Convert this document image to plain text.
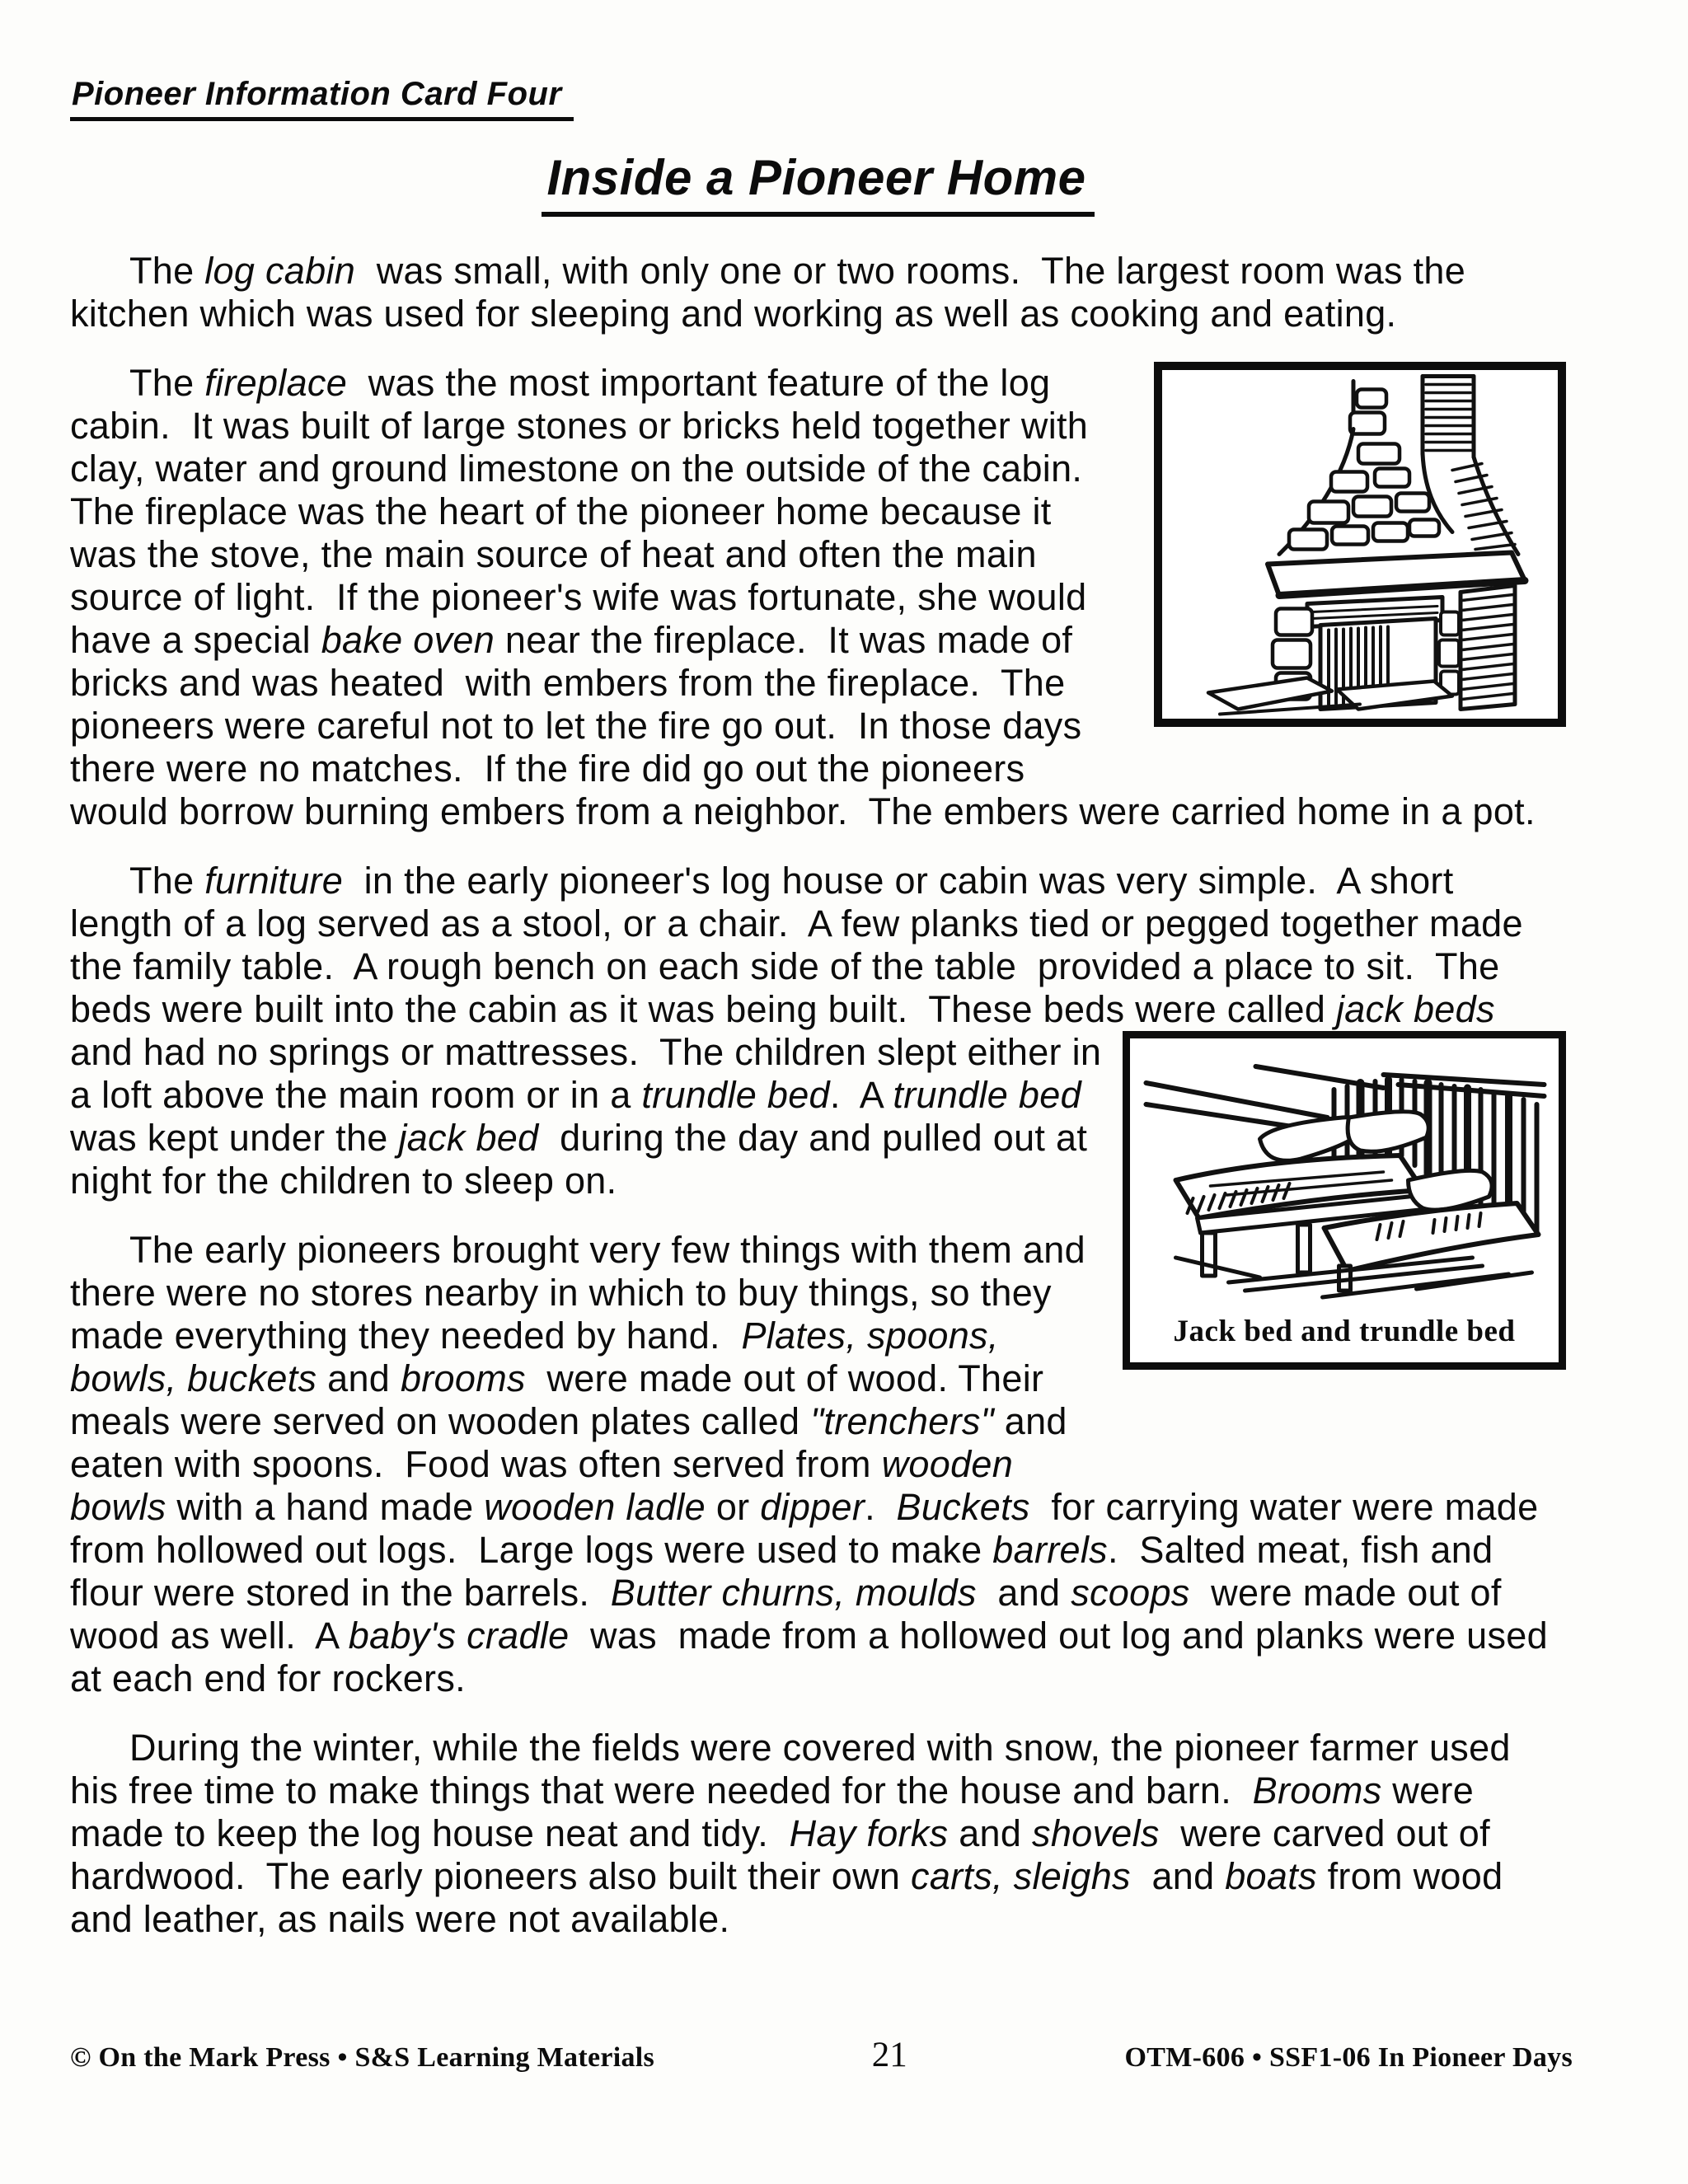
Pioneer Information Card Four
Inside a Pioneer Home

The log cabin  was small, with only one or two rooms.  The largest room was the kitchen which was used for sleeping and working as well as cooking and eating.

The fireplace  was the most important feature of the log cabin.  It was built of large stones or bricks held together with clay, water and ground limestone on the outside of the cabin.  The fireplace was the heart of the pioneer home because it was the stove, the main source of heat and often the main source of light.  If the pioneer's wife was fortunate, she would have a special bake oven near the fireplace.  It was made of bricks and was heated  with embers from the fireplace.  The pioneers were careful not to let the fire go out.  In those days there were no matches.  If the fire did go out the pioneers would borrow burning embers from a neighbor.  The embers were carried home in a pot.

Jack bed and trundle bed
The furniture  in the early pioneer's log house or cabin was very simple.  A short length of a log served as a stool, or a chair.  A few planks tied or pegged together made the family table.  A rough bench on each side of the table  provided a place to sit.  The beds were built into the cabin as it was being built.  These beds were called jack beds  and had no springs or mattresses.  The children slept either in a loft above the main room or in a trundle bed.  A trundle bed  was kept under the jack bed  during the day and pulled out at night for the children to sleep on.

The early pioneers brought very few things with them and there were no stores nearby in which to buy things, so they made everything they needed by hand.  Plates, spoons, bowls, buckets and brooms  were made out of wood. Their meals were served on wooden plates called "trenchers" and eaten with spoons.  Food was often served from wooden bowls with a hand made wooden ladle or dipper.  Buckets  for carrying water were made from hollowed out logs.  Large logs were used to make barrels.  Salted meat, fish and flour were stored in the barrels.  Butter churns, moulds  and scoops  were made out of wood as well.  A baby's cradle  was  made from a hollowed out log and planks were used at each end for rockers.

During the winter, while the fields were covered with snow, the pioneer farmer used his free time to make things that were needed for the house and barn.  Brooms were made to keep the log house neat and tidy.  Hay forks and shovels  were carved out of  hardwood.  The early pioneers also built their own carts, sleighs  and boats from wood and leather, as nails were not available.

© On the Mark Press • S&S Learning Materials	21	OTM-606 • SSF1-06 In Pioneer Days
